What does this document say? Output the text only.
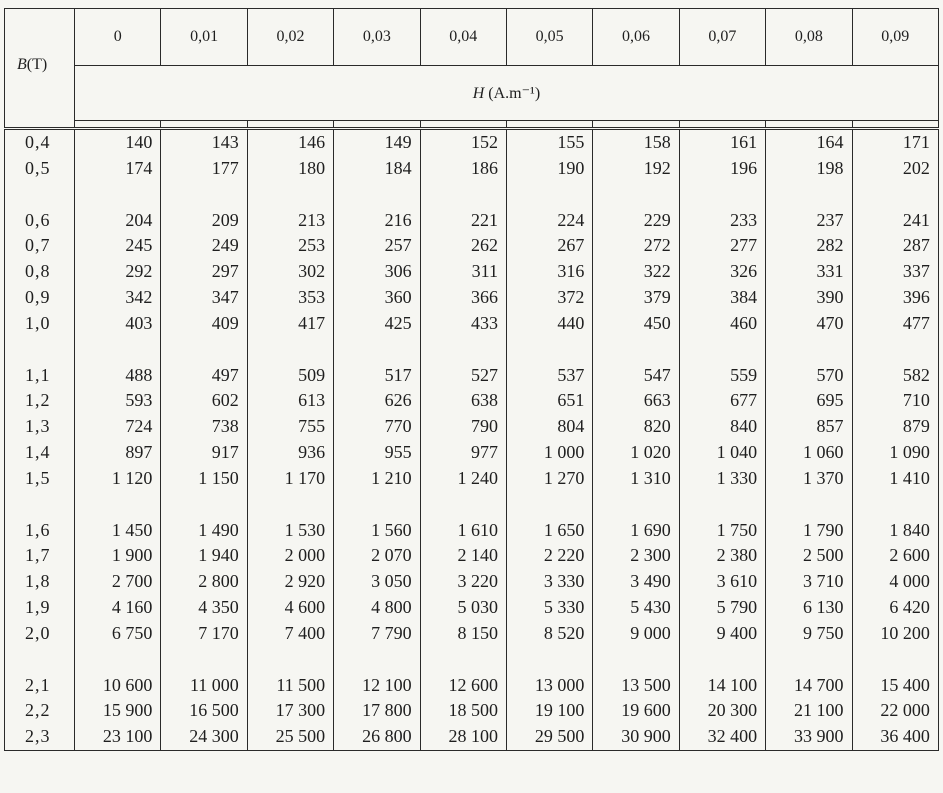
B(T)	0	0,01	0,02	0,03	0,04	0,05	0,06	0,07	0,08	0,09
	H (A.m⁻¹)									

0,4	140	143	146	149	152	155	158	161	164	171
0,5	174	177	180	184	186	190	192	196	198	202

0,6	204	209	213	216	221	224	229	233	237	241
0,7	245	249	253	257	262	267	272	277	282	287
0,8	292	297	302	306	311	316	322	326	331	337
0,9	342	347	353	360	366	372	379	384	390	396
1,0	403	409	417	425	433	440	450	460	470	477

1,1	488	497	509	517	527	537	547	559	570	582
1,2	593	602	613	626	638	651	663	677	695	710
1,3	724	738	755	770	790	804	820	840	857	879
1,4	897	917	936	955	977	1 000	1 020	1 040	1 060	1 090
1,5	1 120	1 150	1 170	1 210	1 240	1 270	1 310	1 330	1 370	1 410

1,6	1 450	1 490	1 530	1 560	1 610	1 650	1 690	1 750	1 790	1 840
1,7	1 900	1 940	2 000	2 070	2 140	2 220	2 300	2 380	2 500	2 600
1,8	2 700	2 800	2 920	3 050	3 220	3 330	3 490	3 610	3 710	4 000
1,9	4 160	4 350	4 600	4 800	5 030	5 330	5 430	5 790	6 130	6 420
2,0	6 750	7 170	7 400	7 790	8 150	8 520	9 000	9 400	9 750	10 200

2,1	10 600	11 000	11 500	12 100	12 600	13 000	13 500	14 100	14 700	15 400
2,2	15 900	16 500	17 300	17 800	18 500	19 100	19 600	20 300	21 100	22 000
2,3	23 100	24 300	25 500	26 800	28 100	29 500	30 900	32 400	33 900	36 400
